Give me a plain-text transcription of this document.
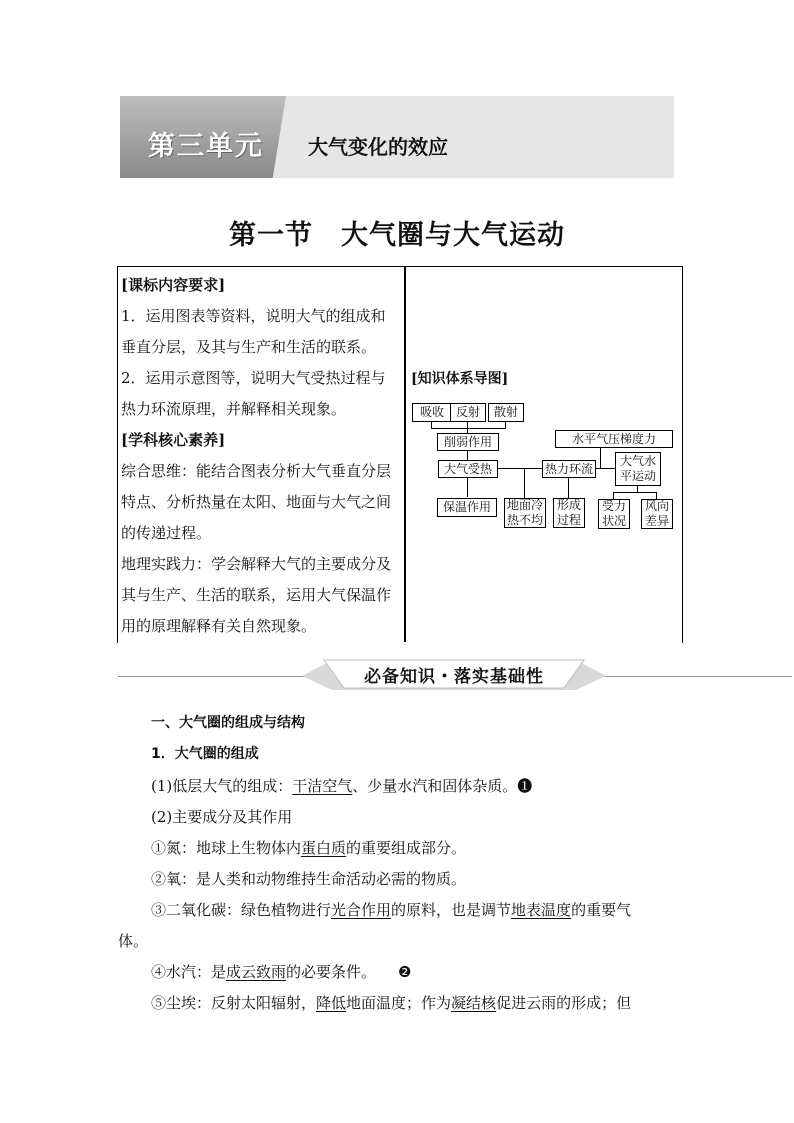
第三单元 大气变化的效应
第一节　大气圈与大气运动

[课标内容要求]

1．运用图表等资料，说明大气的组成和垂直分层，及其与生产和生活的联系。

2．运用示意图等，说明大气受热过程与热力环流原理，并解释相关现象。

[学科核心素养]

综合思维：能结合图表分析大气垂直分层特点、分析热量在太阳、地面与大气之间的传递过程。

地理实践力：学会解释大气的主要成分及其与生产、生活的联系，运用大气保温作用的原理解释有关自然现象。

[知识体系导图]
吸收 反射	散射
削弱作用
大气受热
保温作用	地面冷
热不均
热力环流
形成
过程
水平气压梯度力
大气水
平运动
受力
状况
风向
差异
必备知识・落实基础性
一、大气圈的组成与结构
1．大气圈的组成
(1)低层大气的组成：干洁空气、少量水汽和固体杂质。❶
(2)主要成分及其作用
①氮：地球上生物体内蛋白质的重要组成部分。
②氧：是人类和动物维持生命活动必需的物质。
③二氧化碳：绿色植物进行光合作用的原料，也是调节地表温度的重要气
体。
④水汽：是成云致雨的必要条件。 ❷
⑤尘埃：反射太阳辐射，降低地面温度；作为凝结核促进云雨的形成；但
